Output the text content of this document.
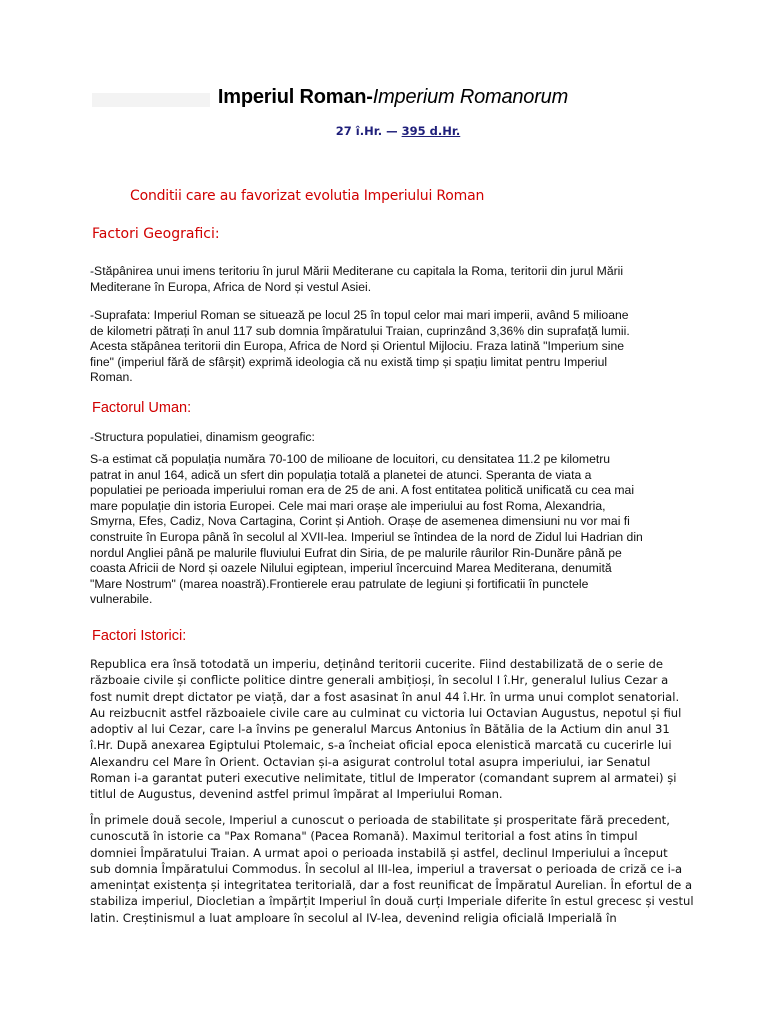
Imperiul Roman-Imperium Romanorum
27 î.Hr. — 395 d.Hr.
Conditii care au favorizat evolutia Imperiului Roman
Factori Geografici:
-Stăpânirea unui imens teritoriu în jurul Mării Mediterane cu capitala la Roma, teritorii din jurul Mării
Mediterane în Europa, Africa de Nord și vestul Asiei.
-Suprafata: Imperiul Roman se situează pe locul 25 în topul celor mai mari imperii, având 5 milioane
de kilometri pătrați în anul 117 sub domnia împăratului Traian, cuprinzând 3,36% din suprafață lumii.
Acesta stăpânea teritorii din Europa, Africa de Nord și Orientul Mijlociu. Fraza latină "Imperium sine
fine" (imperiul fără de sfârșit) exprimă ideologia că nu există timp și spațiu limitat pentru Imperiul
Roman.
Factorul Uman:
-Structura populatiei, dinamism geografic:
S-a estimat că populația număra 70-100 de milioane de locuitori, cu densitatea 11.2 pe kilometru
patrat in anul 164, adică un sfert din populația totală a planetei de atunci. Speranta de viata a
populatiei pe perioada imperiului roman era de 25 de ani. A fost entitatea politică unificată cu cea mai
mare populație din istoria Europei. Cele mai mari orașe ale imperiului au fost Roma, Alexandria,
Smyrna, Efes, Cadiz, Nova Cartagina, Corint și Antioh. Orașe de asemenea dimensiuni nu vor mai fi
construite în Europa până în secolul al XVII-lea. Imperiul se întindea de la nord de Zidul lui Hadrian din
nordul Angliei până pe malurile fluviului Eufrat din Siria, de pe malurile râurilor Rin-Dunăre până pe
coasta Africii de Nord și oazele Nilului egiptean, imperiul încercuind Marea Mediterana, denumită
"Mare Nostrum" (marea noastră).Frontierele erau patrulate de legiuni și fortificatii în punctele
vulnerabile.
Factori Istorici:
Republica era însă totodată un imperiu, deținând teritorii cucerite. Fiind destabilizată de o serie de
războaie civile și conflicte politice dintre generali ambițioși, în secolul I î.Hr, generalul Iulius Cezar a
fost numit drept dictator pe viață, dar a fost asasinat în anul 44 î.Hr. în urma unui complot senatorial.
Au reizbucnit astfel războaiele civile care au culminat cu victoria lui Octavian Augustus, nepotul și fiul
adoptiv al lui Cezar, care l-a învins pe generalul Marcus Antonius în Bătălia de la Actium din anul 31
î.Hr. După anexarea Egiptului Ptolemaic, s-a încheiat oficial epoca elenistică marcată cu cucerirle lui
Alexandru cel Mare în Orient. Octavian și-a asigurat controlul total asupra imperiului, iar Senatul
Roman i-a garantat puteri executive nelimitate, titlul de Imperator (comandant suprem al armatei) și
titlul de Augustus, devenind astfel primul împărat al Imperiului Roman.
În primele două secole, Imperiul a cunoscut o perioada de stabilitate și prosperitate fără precedent,
cunoscută în istorie ca "Pax Romana" (Pacea Romană). Maximul teritorial a fost atins în timpul
domniei Împăratului Traian. A urmat apoi o perioada instabilă și astfel, declinul Imperiului a început
sub domnia Împăratului Commodus. În secolul al III-lea, imperiul a traversat o perioada de criză ce i-a
amenințat existența și integritatea teritorială, dar a fost reunificat de Împăratul Aurelian. În efortul de a
stabiliza imperiul, Diocletian a împărțit Imperiul în două curți Imperiale diferite în estul grecesc și vestul
latin. Creștinismul a luat amploare în secolul al IV-lea, devenind religia oficială Imperială în
